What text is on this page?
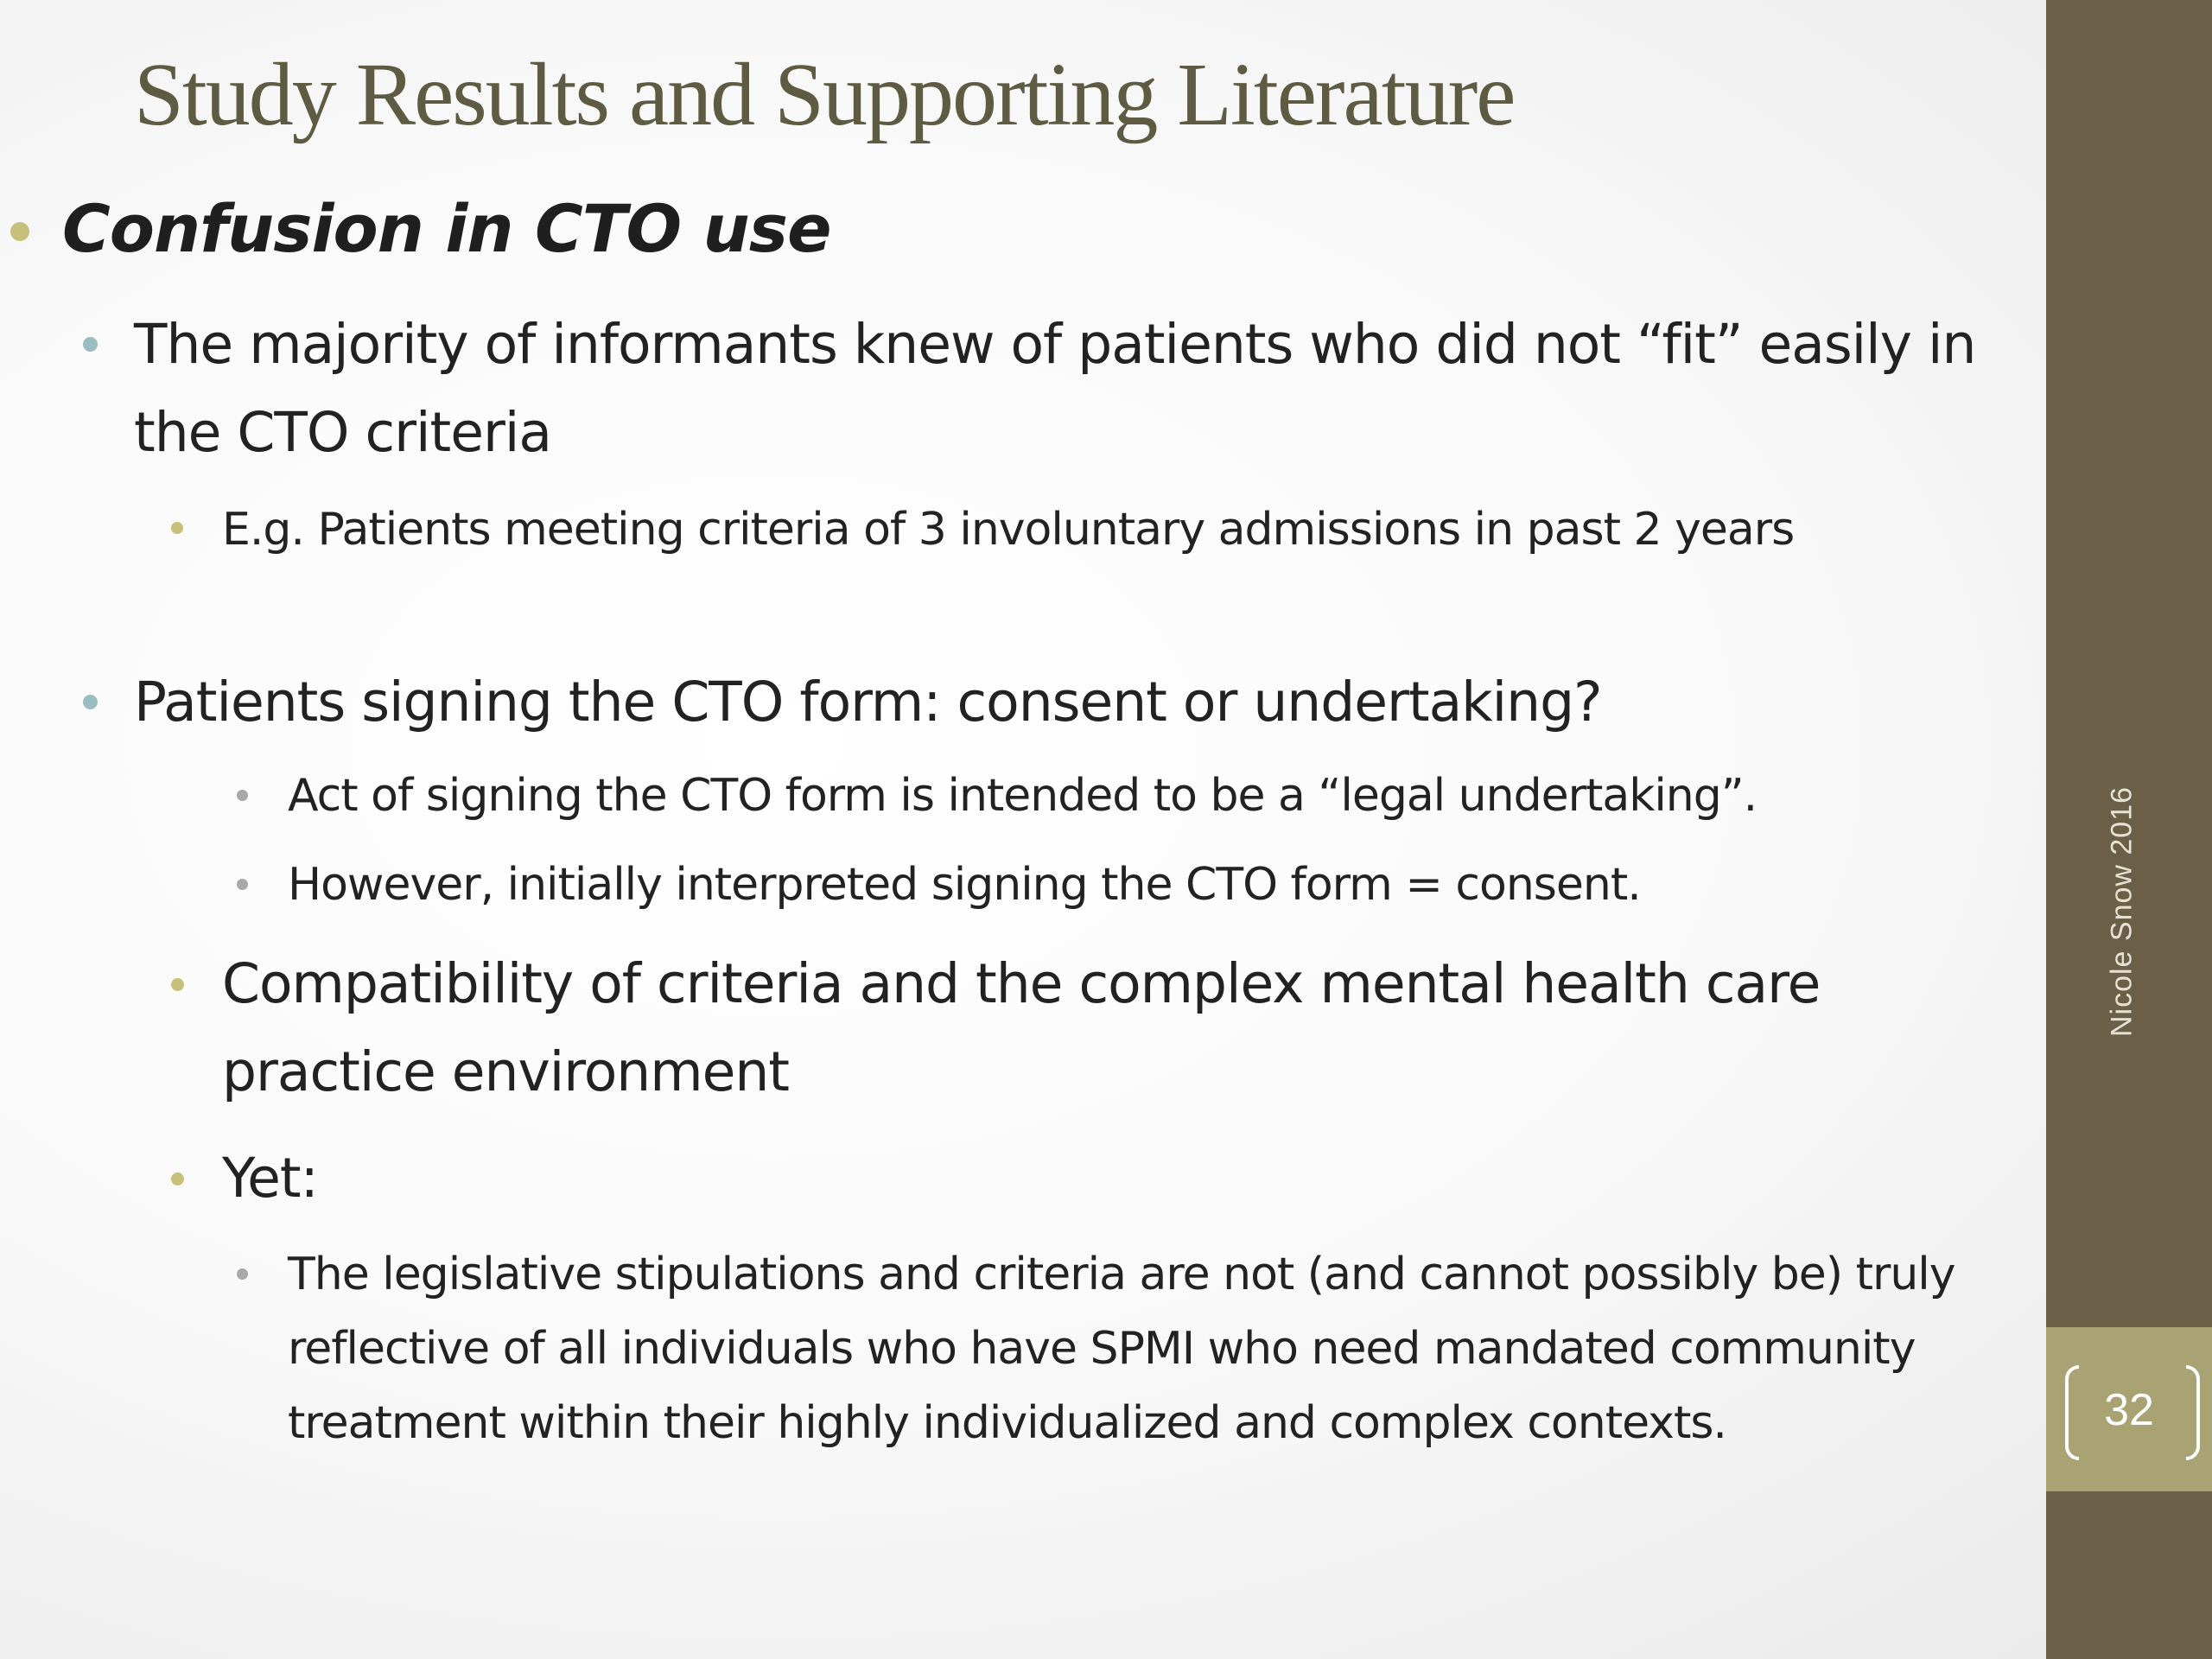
Study Results and Supporting Literature
Confusion in CTO use
The majority of informants knew of patients who did not “fit” easily in the CTO criteria
E.g. Patients meeting criteria of 3 involuntary admissions in past 2 years
Patients signing the CTO form: consent or undertaking?
Act of signing the CTO form is intended to be a “legal undertaking”.
However, initially interpreted signing the CTO form = consent.
Compatibility of criteria and the complex mental health care practice environment
Yet:
The legislative stipulations and criteria are not (and cannot possibly be) truly reflective of all individuals who have SPMI who need mandated community treatment within their highly individualized and complex contexts.
Nicole Snow 2016
32
